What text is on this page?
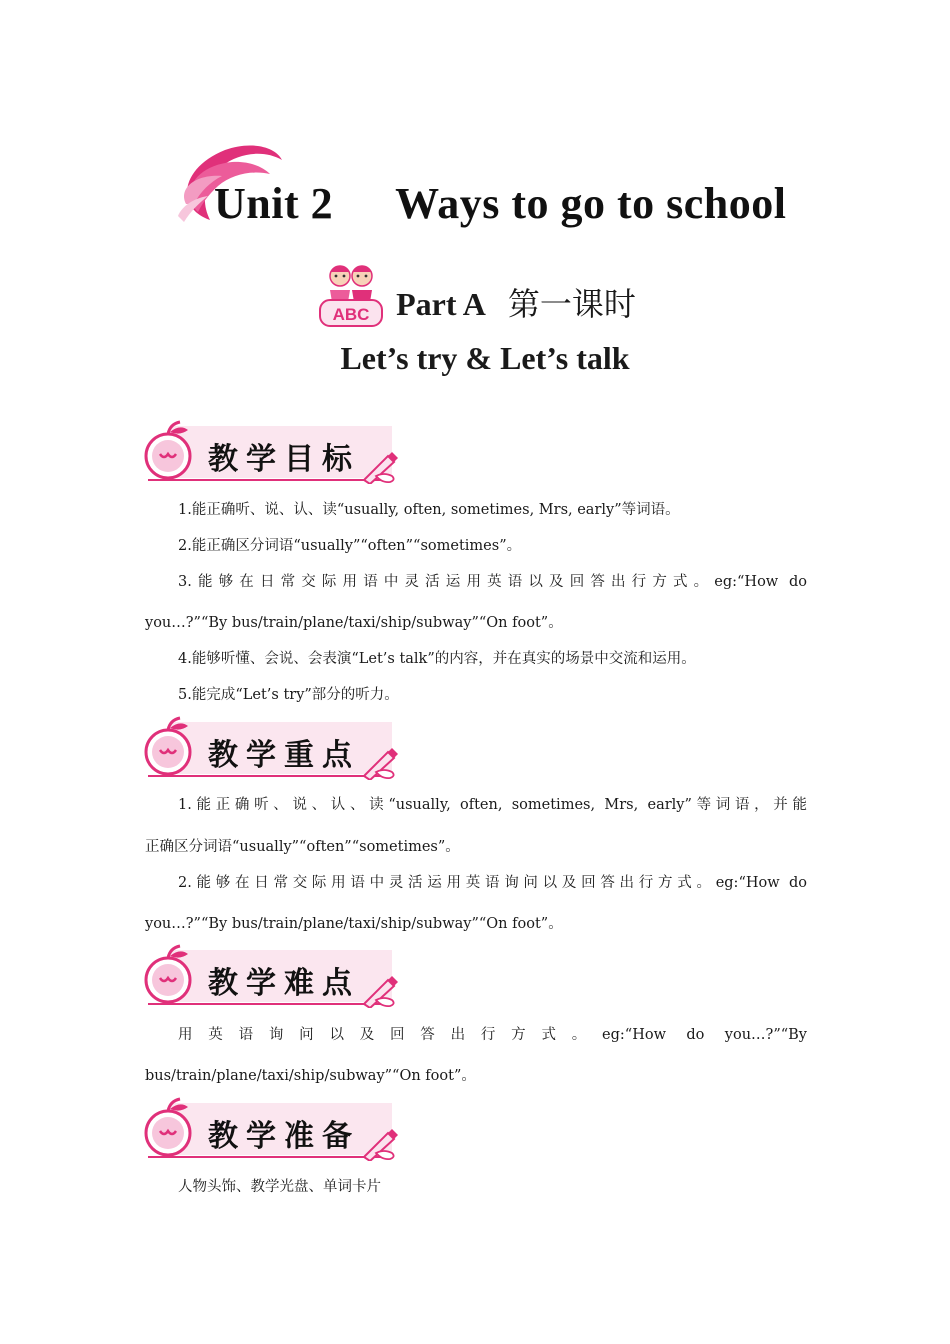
Unit 2 Ways to go to school
ABC Part A 第一课时
Let’s try & Let’s talk
教学目标
1.能正确听、说、认、读“usually, often, sometimes, Mrs, early”等词语。
2.能正确区分词语“usually”“often”“sometimes”。
3.能够在日常交际用语中灵活运用英语以及回答出行方式。eg:“How do
you…?”“By bus/train/plane/taxi/ship/subway”“On foot”。
4.能够听懂、会说、会表演“Let’s talk”的内容，并在真实的场景中交流和运用。
5.能完成“Let’s try”部分的听力。
教学重点
1.能正确听、说、认、读“usually, often, sometimes, Mrs, early”等词语，并能
正确区分词语“usually”“often”“sometimes”。
2.能够在日常交际用语中灵活运用英语询问以及回答出行方式。eg:“How do
you…?”“By bus/train/plane/taxi/ship/subway”“On foot”。
教学难点
用英语询问以及回答出行方式。eg:“How do you…?”“By
bus/train/plane/taxi/ship/subway”“On foot”。
教学准备
人物头饰、教学光盘、单词卡片
